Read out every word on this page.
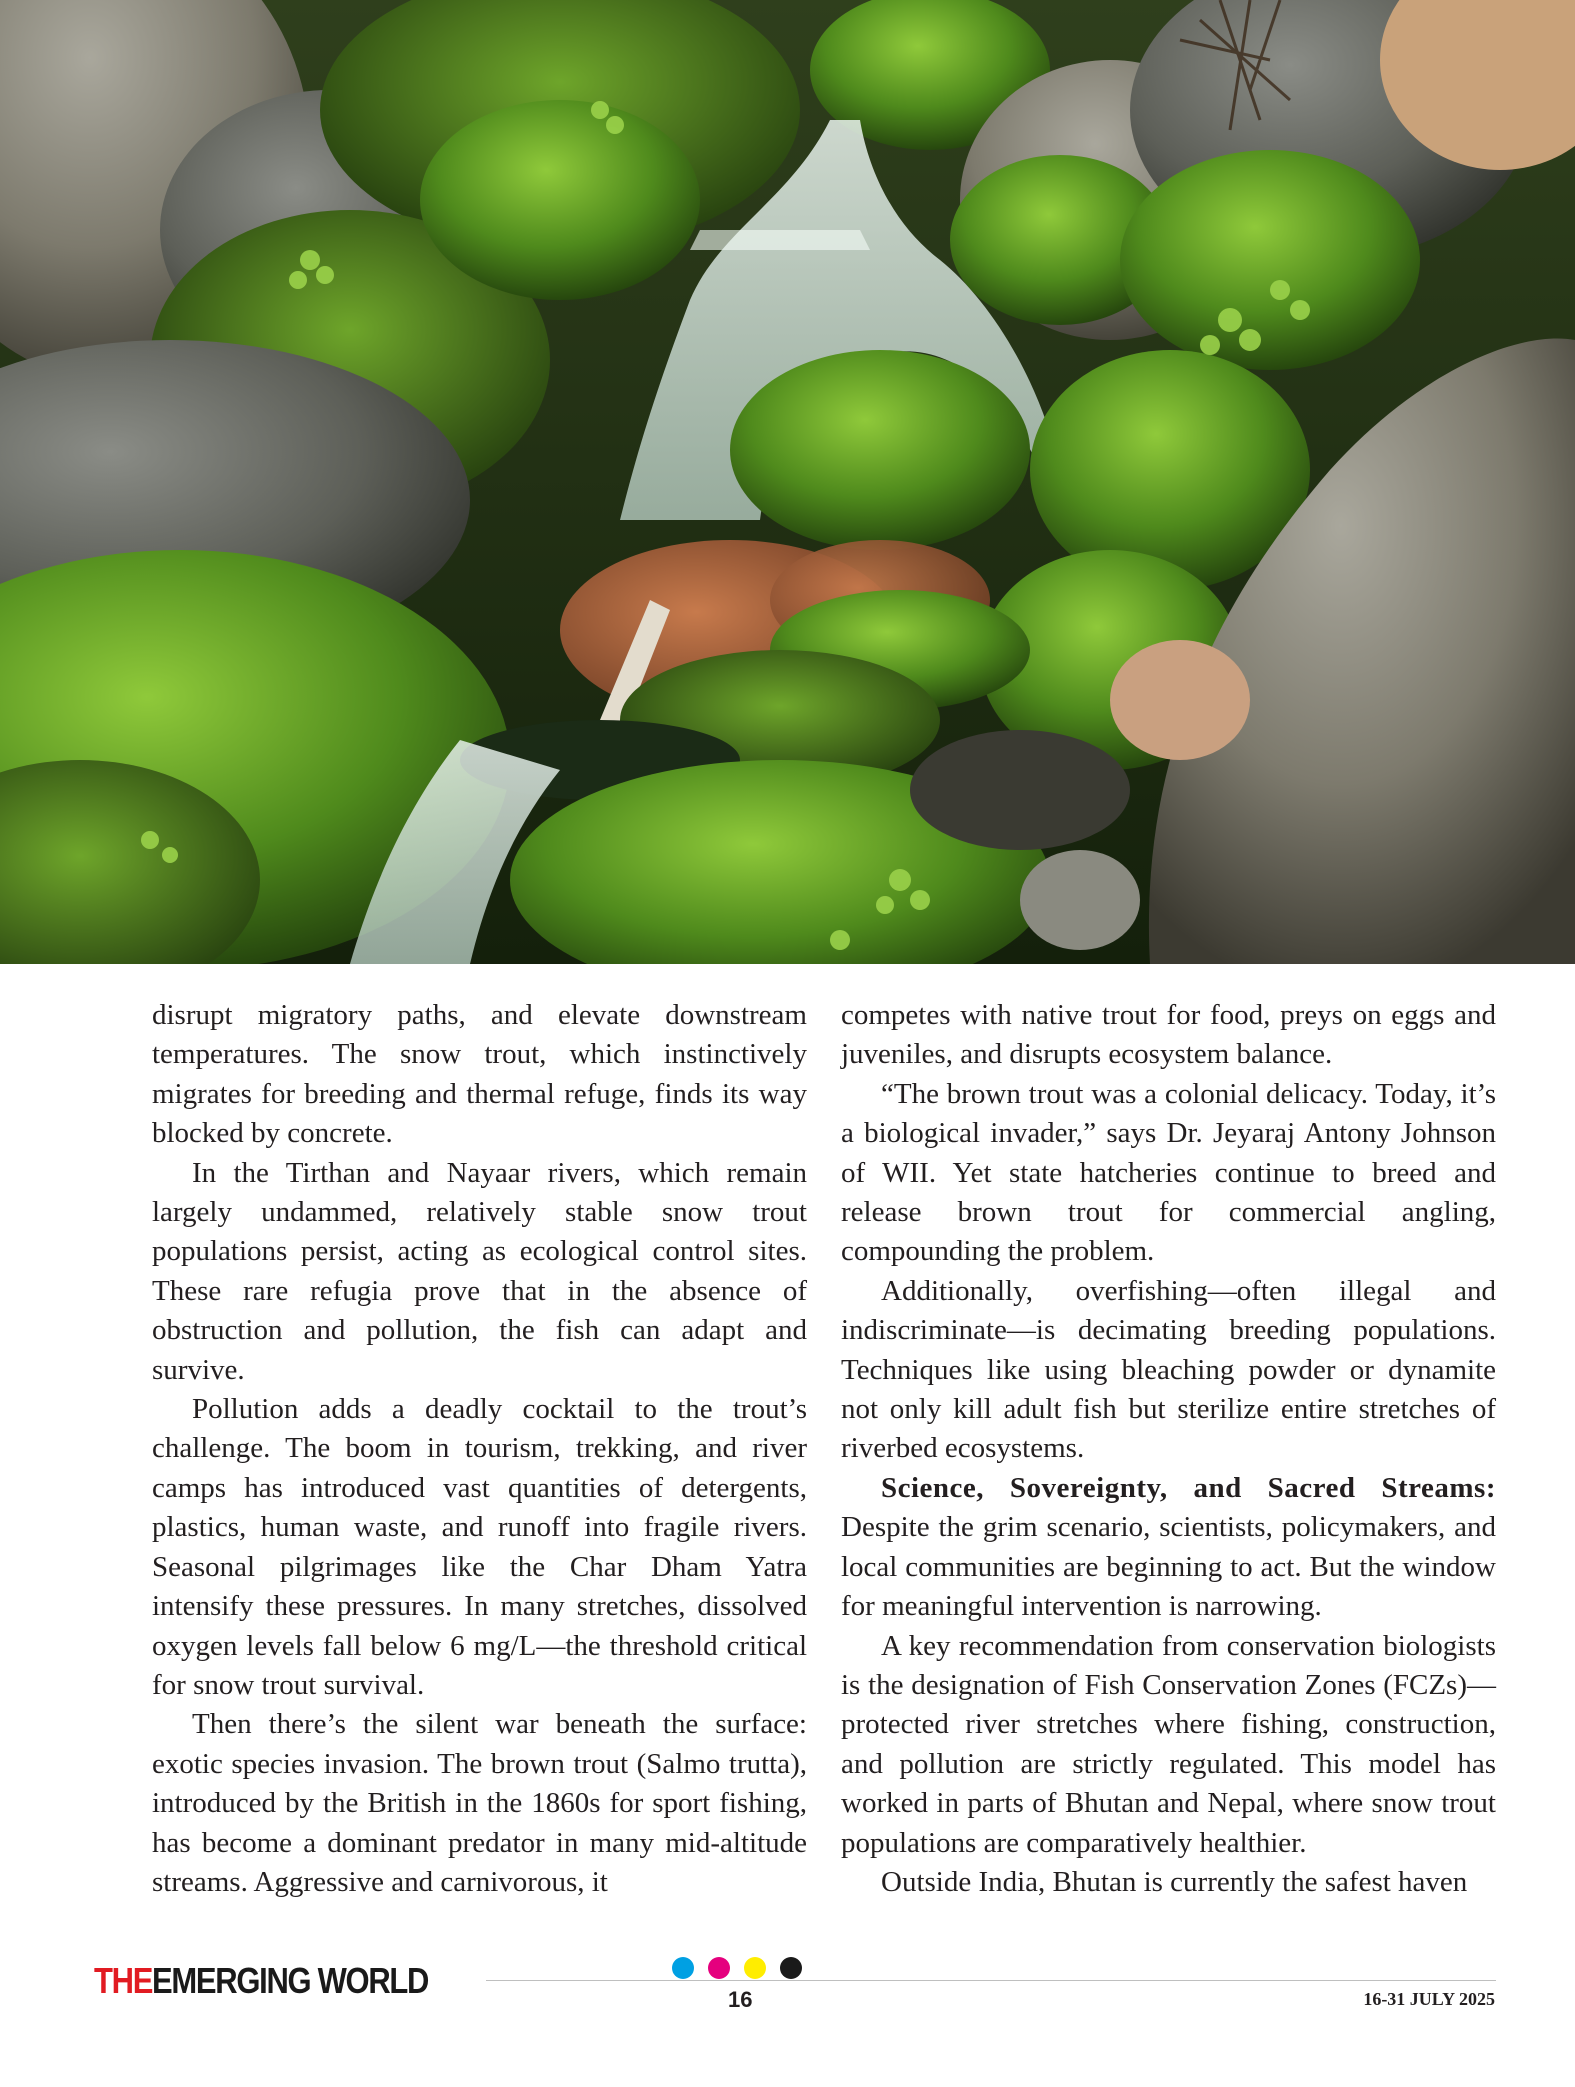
disrupt migratory paths, and elevate downstream temperatures. The snow trout, which instinctively migrates for breeding and thermal refuge, finds its way blocked by concrete.

In the Tirthan and Nayaar rivers, which remain largely undammed, relatively stable snow trout populations persist, acting as ecological control sites. These rare refugia prove that in the absence of obstruction and pollution, the fish can adapt and survive.

Pollution adds a deadly cocktail to the trout’s challenge. The boom in tourism, trekking, and river camps has introduced vast quantities of detergents, plastics, human waste, and runoff into fragile rivers. Seasonal pilgrimages like the Char Dham Yatra intensify these pressures. In many stretches, dissolved oxygen levels fall below 6 mg/L—the threshold critical for snow trout survival.

Then there’s the silent war beneath the surface: exotic species invasion. The brown trout (Salmo trutta), introduced by the British in the 1860s for sport fishing, has become a dominant predator in many mid-altitude streams. Aggressive and carnivorous, it

competes with native trout for food, preys on eggs and juveniles, and disrupts ecosystem balance.

“The brown trout was a colonial delicacy. Today, it’s a biological invader,” says Dr. Jeyaraj Antony Johnson of WII. Yet state hatcheries continue to breed and release brown trout for commercial angling, compounding the problem.

Additionally, overfishing—often illegal and indiscriminate—is decimating breeding populations. Techniques like using bleaching powder or dynamite not only kill adult fish but sterilize entire stretches of riverbed ecosystems.

Science, Sovereignty, and Sacred Streams: Despite the grim scenario, scientists, policymakers, and local communities are beginning to act. But the window for meaningful intervention is narrowing.

A key recommendation from conservation biologists is the designation of Fish Conservation Zones (FCZs)—protected river stretches where fishing, construction, and pollution are strictly regulated. This model has worked in parts of Bhutan and Nepal, where snow trout populations are comparatively healthier.

Outside India, Bhutan is currently the safest haven

THEEMERGING WORLD	16	16-31 JULY 2025
